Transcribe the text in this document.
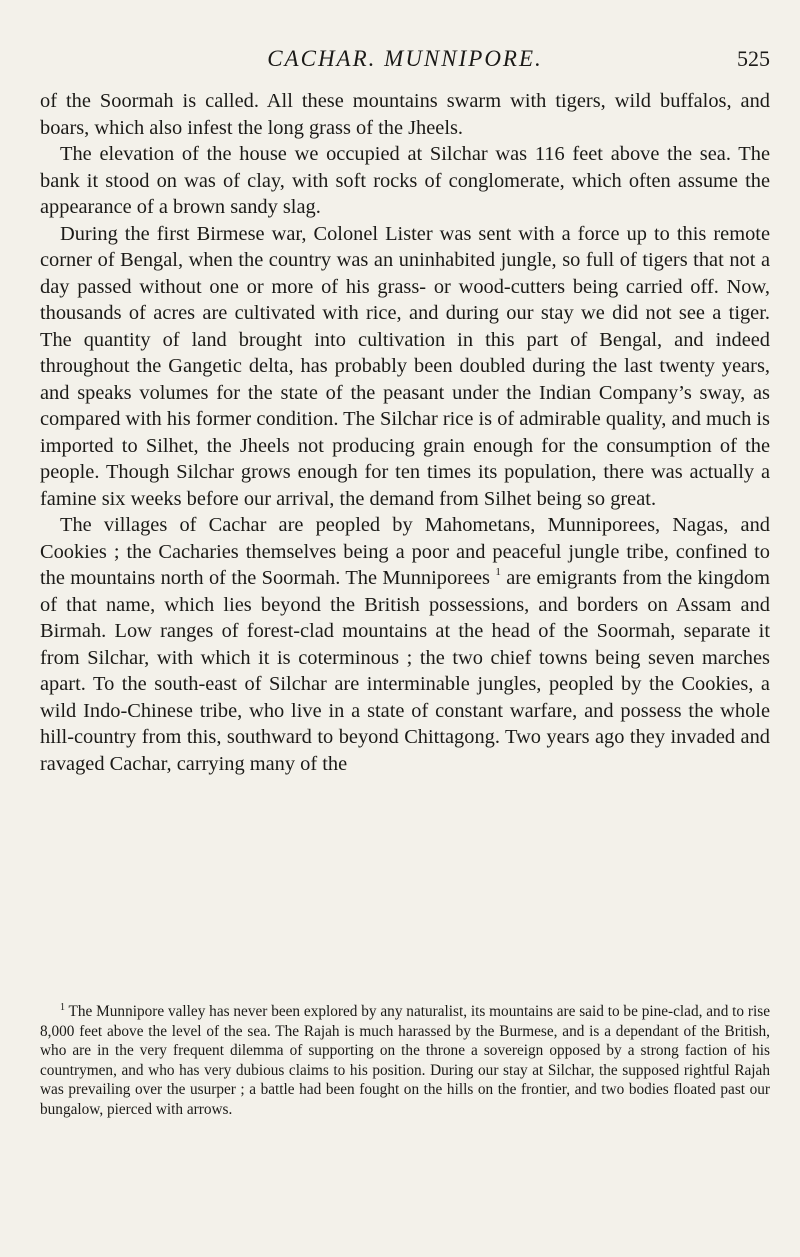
CACHAR. MUNNIPORE.	525

of the Soormah is called. All these mountains swarm with tigers, wild buffalos, and boars, which also infest the long grass of the Jheels.

The elevation of the house we occupied at Silchar was 116 feet above the sea. The bank it stood on was of clay, with soft rocks of conglomerate, which often assume the appearance of a brown sandy slag.

During the first Birmese war, Colonel Lister was sent with a force up to this remote corner of Bengal, when the country was an uninhabited jungle, so full of tigers that not a day passed without one or more of his grass- or wood-cutters being carried off. Now, thousands of acres are cultivated with rice, and during our stay we did not see a tiger. The quantity of land brought into cultivation in this part of Bengal, and indeed throughout the Gangetic delta, has probably been doubled during the last twenty years, and speaks volumes for the state of the peasant under the Indian Company’s sway, as compared with his former condition. The Silchar rice is of admirable quality, and much is imported to Silhet, the Jheels not producing grain enough for the consumption of the people. Though Silchar grows enough for ten times its population, there was actually a famine six weeks before our arrival, the demand from Silhet being so great.

The villages of Cachar are peopled by Mahometans, Munniporees, Nagas, and Cookies ; the Cacharies themselves being a poor and peaceful jungle tribe, confined to the mountains north of the Soormah. The Munniporees $^1$ are emigrants from the kingdom of that name, which lies beyond the British possessions, and borders on Assam and Birmah. Low ranges of forest-clad mountains at the head of the Soormah, separate it from Silchar, with which it is coterminous ; the two chief towns being seven marches apart. To the south-east of Silchar are interminable jungles, peopled by the Cookies, a wild Indo-Chinese tribe, who live in a state of constant warfare, and possess the whole hill-country from this, southward to beyond Chittagong. Two years ago they invaded and ravaged Cachar, carrying many of the

$^1$ The Munnipore valley has never been explored by any naturalist, its mountains are said to be pine-clad, and to rise 8,000 feet above the level of the sea. The Rajah is much harassed by the Burmese, and is a dependant of the British, who are in the very frequent dilemma of supporting on the throne a sovereign opposed by a strong faction of his countrymen, and who has very dubious claims to his position. During our stay at Silchar, the supposed rightful Rajah was prevailing over the usurper ; a battle had been fought on the hills on the frontier, and two bodies floated past our bungalow, pierced with arrows.
